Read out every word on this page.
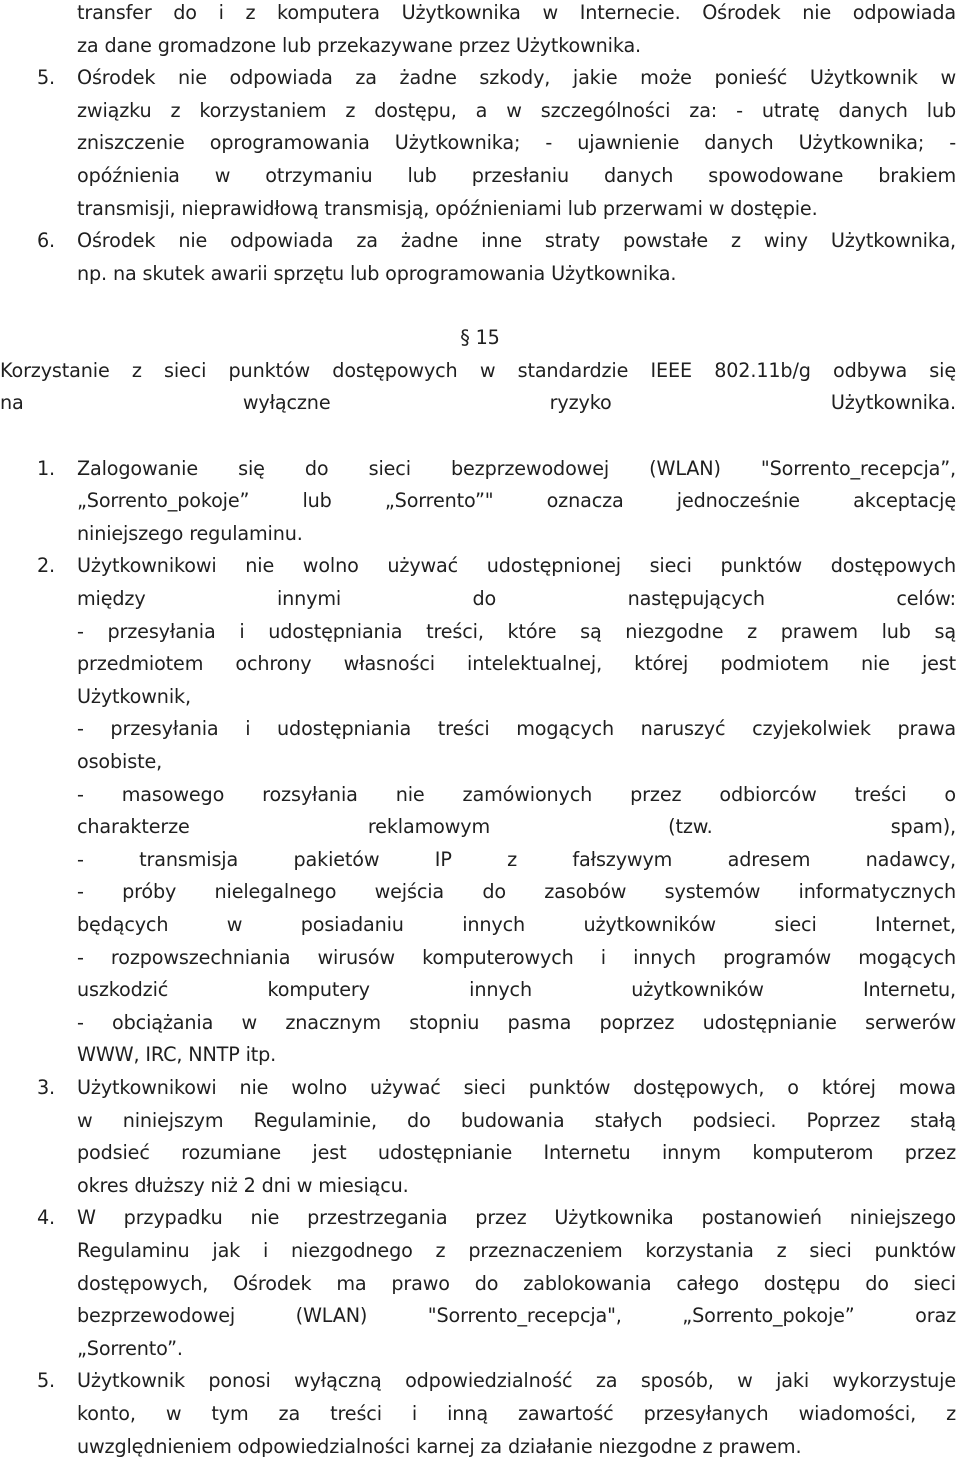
transfer do i z komputera Użytkownika w Internecie. Ośrodek nie odpowiada
za dane gromadzone lub przekazywane przez Użytkownika.
5. Ośrodek nie odpowiada za żadne szkody, jakie może ponieść Użytkownik w
związku z korzystaniem z dostępu, a w szczególności za: - utratę danych lub
zniszczenie oprogramowania Użytkownika; - ujawnienie danych Użytkownika; -
opóźnienia w otrzymaniu lub przesłaniu danych spowodowane brakiem
transmisji, nieprawidłową transmisją, opóźnieniami lub przerwami w dostępie.
6. Ośrodek nie odpowiada za żadne inne straty powstałe z winy Użytkownika,
np. na skutek awarii sprzętu lub oprogramowania Użytkownika.
§ 15
Korzystanie z sieci punktów dostępowych w standardzie IEEE 802.11b/g odbywa się
na wyłączne ryzyko Użytkownika.
1. Zalogowanie się do sieci bezprzewodowej (WLAN) "Sorrento_recepcja”,
„Sorrento_pokoje” lub „Sorrento”" oznacza jednocześnie akceptację
niniejszego regulaminu.
2. Użytkownikowi nie wolno używać udostępnionej sieci punktów dostępowych
między innymi do następujących celów:
- przesyłania i udostępniania treści, które są niezgodne z prawem lub są
przedmiotem ochrony własności intelektualnej, której podmiotem nie jest
Użytkownik,
- przesyłania i udostępniania treści mogących naruszyć czyjekolwiek prawa
osobiste,
- masowego rozsyłania nie zamówionych przez odbiorców treści o
charakterze reklamowym (tzw. spam),
- transmisja pakietów IP z fałszywym adresem nadawcy,
- próby nielegalnego wejścia do zasobów systemów informatycznych
będących w posiadaniu innych użytkowników sieci Internet,
- rozpowszechniania wirusów komputerowych i innych programów mogących
uszkodzić komputery innych użytkowników Internetu,
- obciążania w znacznym stopniu pasma poprzez udostępnianie serwerów
WWW, IRC, NNTP itp.
3. Użytkownikowi nie wolno używać sieci punktów dostępowych, o której mowa
w niniejszym Regulaminie, do budowania stałych podsieci. Poprzez stałą
podsieć rozumiane jest udostępnianie Internetu innym komputerom przez
okres dłuższy niż 2 dni w miesiącu.
4. W przypadku nie przestrzegania przez Użytkownika postanowień niniejszego
Regulaminu jak i niezgodnego z przeznaczeniem korzystania z sieci punktów
dostępowych, Ośrodek ma prawo do zablokowania całego dostępu do sieci
bezprzewodowej (WLAN) "Sorrento_recepcja", „Sorrento_pokoje” oraz
„Sorrento”.
5. Użytkownik ponosi wyłączną odpowiedzialność za sposób, w jaki wykorzystuje
konto, w tym za treści i inną zawartość przesyłanych wiadomości, z
uwzględnieniem odpowiedzialności karnej za działanie niezgodne z prawem.
